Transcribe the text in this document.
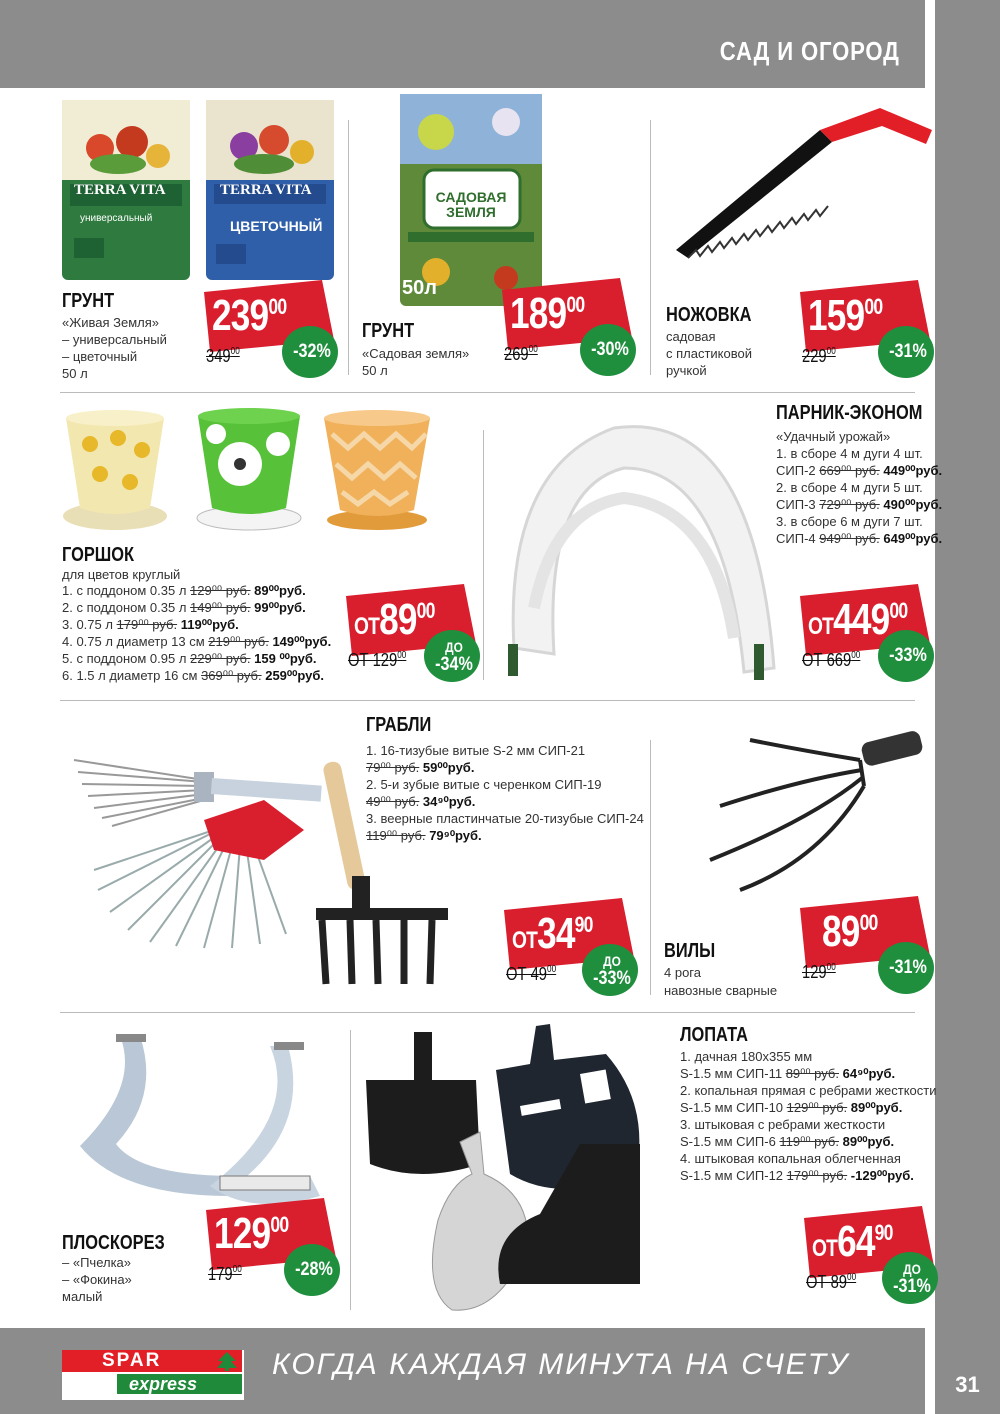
САД И ОГОРОД
31
КОГДА КАЖДАЯ МИНУТА НА СЧЕТУ
SPAR
express
TERRA VITA
универсальный
TERRA VITA
ЦВЕТОЧНЫЙ
ГРУНТ
«Живая Земля»
– универсальный
– цветочный
50 л
$239^{00}$
$349^{00}$	-32%
САДОВАЯ ЗЕМЛЯ
50л
ГРУНТ
«Садовая земля»
50 л
$189^{00}$
$269^{00}$	-30%
НОЖОВКА
садовая
с пластиковой
ручкой
$159^{00}$
$229^{00}$	-31%
ГОРШОК
для цветов круглый
1. с поддоном 0.35 л 129⁰⁰ руб. 89⁰⁰руб.
2. с поддоном 0.35 л 149⁰⁰ руб. 99⁰⁰руб.
3. 0.75 л 179⁰⁰ руб. 119⁰⁰руб.
4. 0.75 л диаметр 13 см 219⁰⁰ руб. 149⁰⁰руб.
5. с поддоном 0.95 л 229⁰⁰ руб. 159 ⁰⁰руб.
6. 1.5 л диаметр 16 см 369⁰⁰ руб. 259⁰⁰руб.
$ОТ89^{00}$
ОТ $129^{00}$
ДО
-34%
ПАРНИК-ЭКОНОМ
«Удачный урожай»
1. в сборе 4 м дуги 4 шт.
СИП-2 669⁰⁰ руб. 449⁰⁰руб.
2. в сборе 4 м дуги 5 шт.
СИП-3 729⁰⁰ руб. 490⁰⁰руб.
3. в сборе 6 м дуги 7 шт.
СИП-4 949⁰⁰ руб. 649⁰⁰руб.
$ОТ449^{00}$
ОТ $669^{00}$ -33%
ГРАБЛИ
1. 16-тизубые витые S-2 мм СИП-21
79⁰⁰ руб. 59⁰⁰руб.
2. 5-и зубые витые с черенком СИП-19
49⁰⁰ руб. 34⁹⁰руб.
3. веерные пластинчатые 20-тизубые СИП-24
119⁰⁰ руб. 79⁹⁰руб.
$ОТ34^{90}$
ОТ $49^{00}$
ДО
-33%
ВИЛЫ
4 рога
навозные сварные
$89^{00}$
$129^{00}$	-31%
ПЛОСКОРЕЗ
– «Пчелка»
– «Фокина»
малый
$129^{00}$
$179^{00}$	-28%
ЛОПАТА
1. дачная 180х355 мм
S-1.5 мм СИП-11 89⁰⁰ руб. 64⁹⁰руб.
2. копальная прямая с ребрами жесткости
S-1.5 мм СИП-10 129⁰⁰ руб. 89⁰⁰руб.
3. штыковая с ребрами жесткости
S-1.5 мм СИП-6 119⁰⁰ руб. 89⁰⁰руб.
4. штыковая копальная облегченная
S-1.5 мм СИП-12 179⁰⁰ руб. -129⁰⁰руб.
$ОТ64^{90}$
ОТ $89^{00}$
ДО
-31%
